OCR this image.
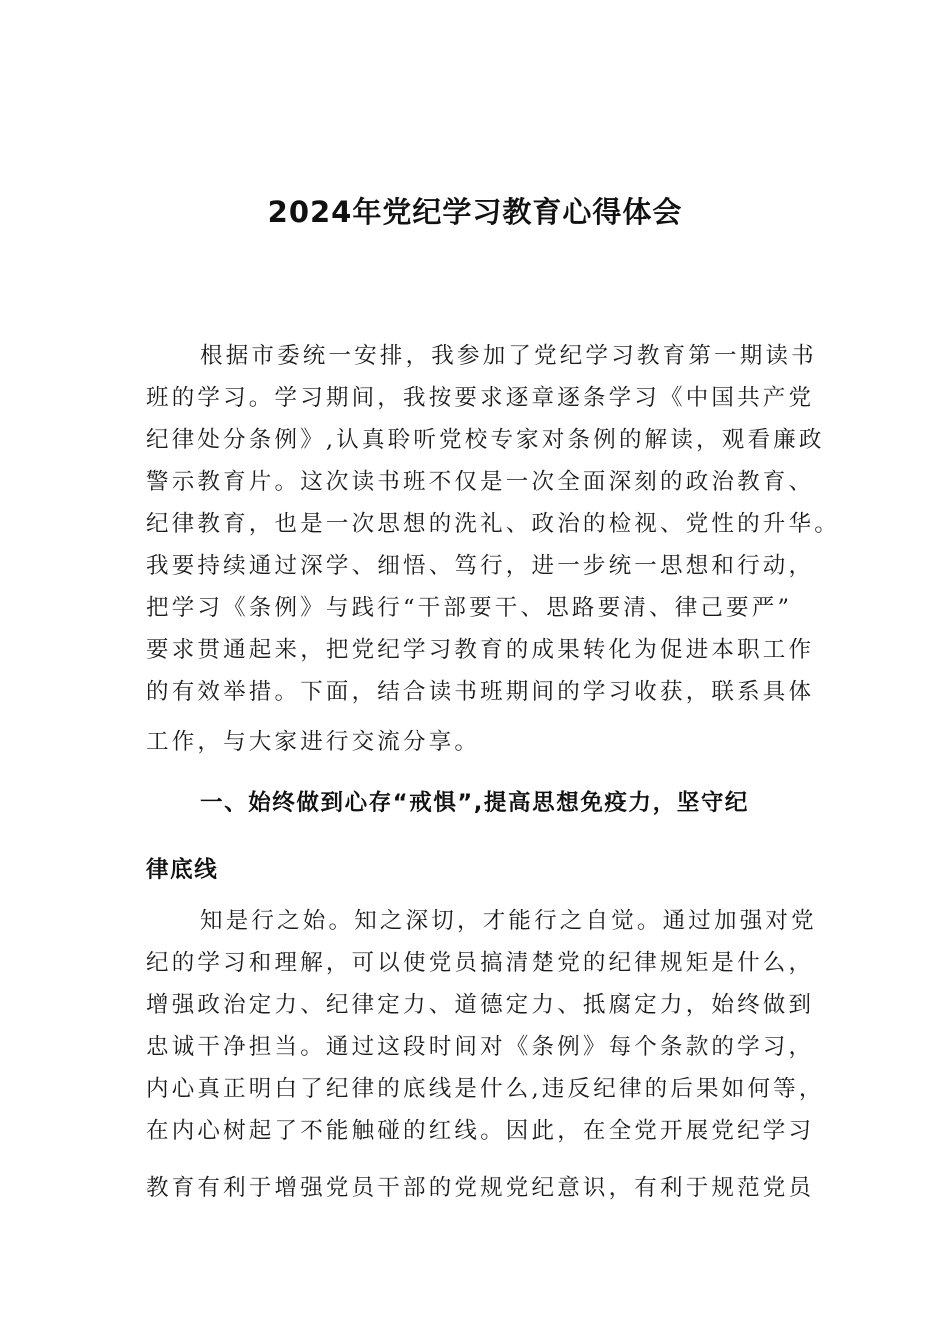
2024年党纪学习教育心得体会
根据市委统一安排，我参加了党纪学习教育第一期读书
班的学习。学习期间，我按要求逐章逐条学习《中国共产党
纪律处分条例》,认真聆听党校专家对条例的解读，观看廉政
警示教育片。这次读书班不仅是一次全面深刻的政治教育、
纪律教育，也是一次思想的洗礼、政治的检视、党性的升华。
我要持续通过深学、细悟、笃行，进一步统一思想和行动，
把学习《条例》与践行“干部要干、思路要清、律己要严”
要求贯通起来，把党纪学习教育的成果转化为促进本职工作
的有效举措。下面，结合读书班期间的学习收获，联系具体
工作，与大家进行交流分享。
一、始终做到心存“戒惧”,提高思想免疫力，坚守纪
律底线
知是行之始。知之深切，才能行之自觉。通过加强对党
纪的学习和理解，可以使党员搞清楚党的纪律规矩是什么，
增强政治定力、纪律定力、道德定力、抵腐定力，始终做到
忠诚干净担当。通过这段时间对《条例》每个条款的学习，
内心真正明白了纪律的底线是什么,违反纪律的后果如何等，
在内心树起了不能触碰的红线。因此，在全党开展党纪学习
教育有利于增强党员干部的党规党纪意识，有利于规范党员
